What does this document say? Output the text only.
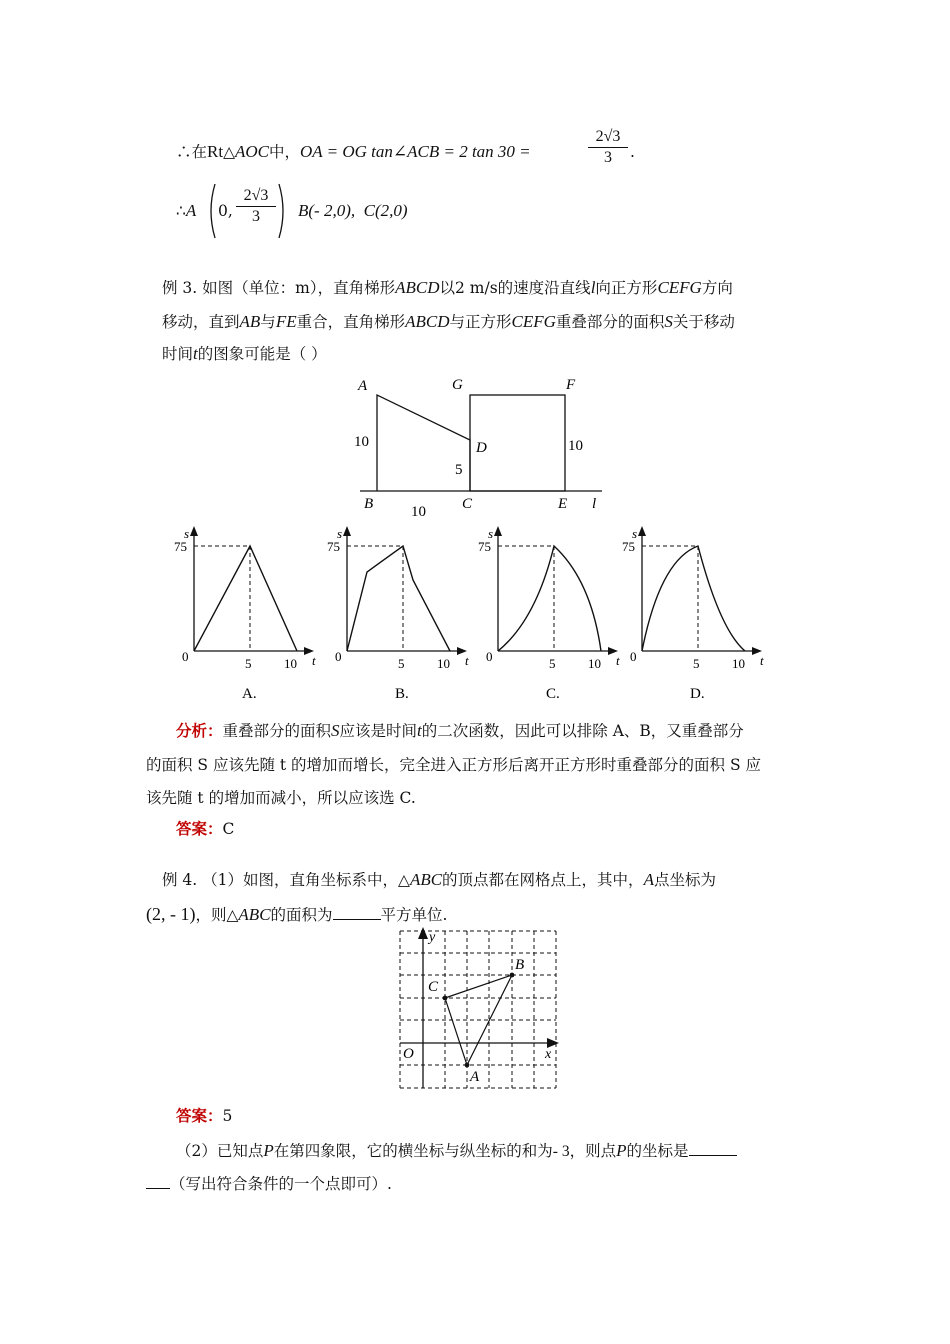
∴在Rt△AOC中，OA = OG tan∠ACB = 2 tan 30 =
2√3
3	.
∴A 0,
2√3
3	B(- 2,0), C(2,0)
例 3. 如图（单位：m），直角梯形ABCD以2 m/s的速度沿直线l向正方形CEFG方向
移动，直到AB与FE重合，直角梯形ABCD与正方形CEFG重叠部分的面积S关于移动
时间t的图象可能是（ ）
A
B	C
D
E
F
G
l
10
5
10
10
s
t
0
75
5	10
A.
s
t
0
75
5	10
B.
s
t
0
75
5	10
C.
s
t
0
75
5	10
D.
分析：重叠部分的面积S应该是时间t的二次函数，因此可以排除 A、B，又重叠部分
的面积 S 应该先随 t 的增加而增长，完全进入正方形后离开正方形时重叠部分的面积 S 应
该先随 t 的增加而减小，所以应该选 C.
答案：C
例 4. （1）如图，直角坐标系中，△ABC的顶点都在网格点上，其中，A点坐标为
(2, - 1)，则△ABC的面积为	平方单位.
y
x
O
A
B
C
答案：5
（2）已知点P在第四象限，它的横坐标与纵坐标的和为- 3，则点P的坐标是
（写出符合条件的一个点即可）.
